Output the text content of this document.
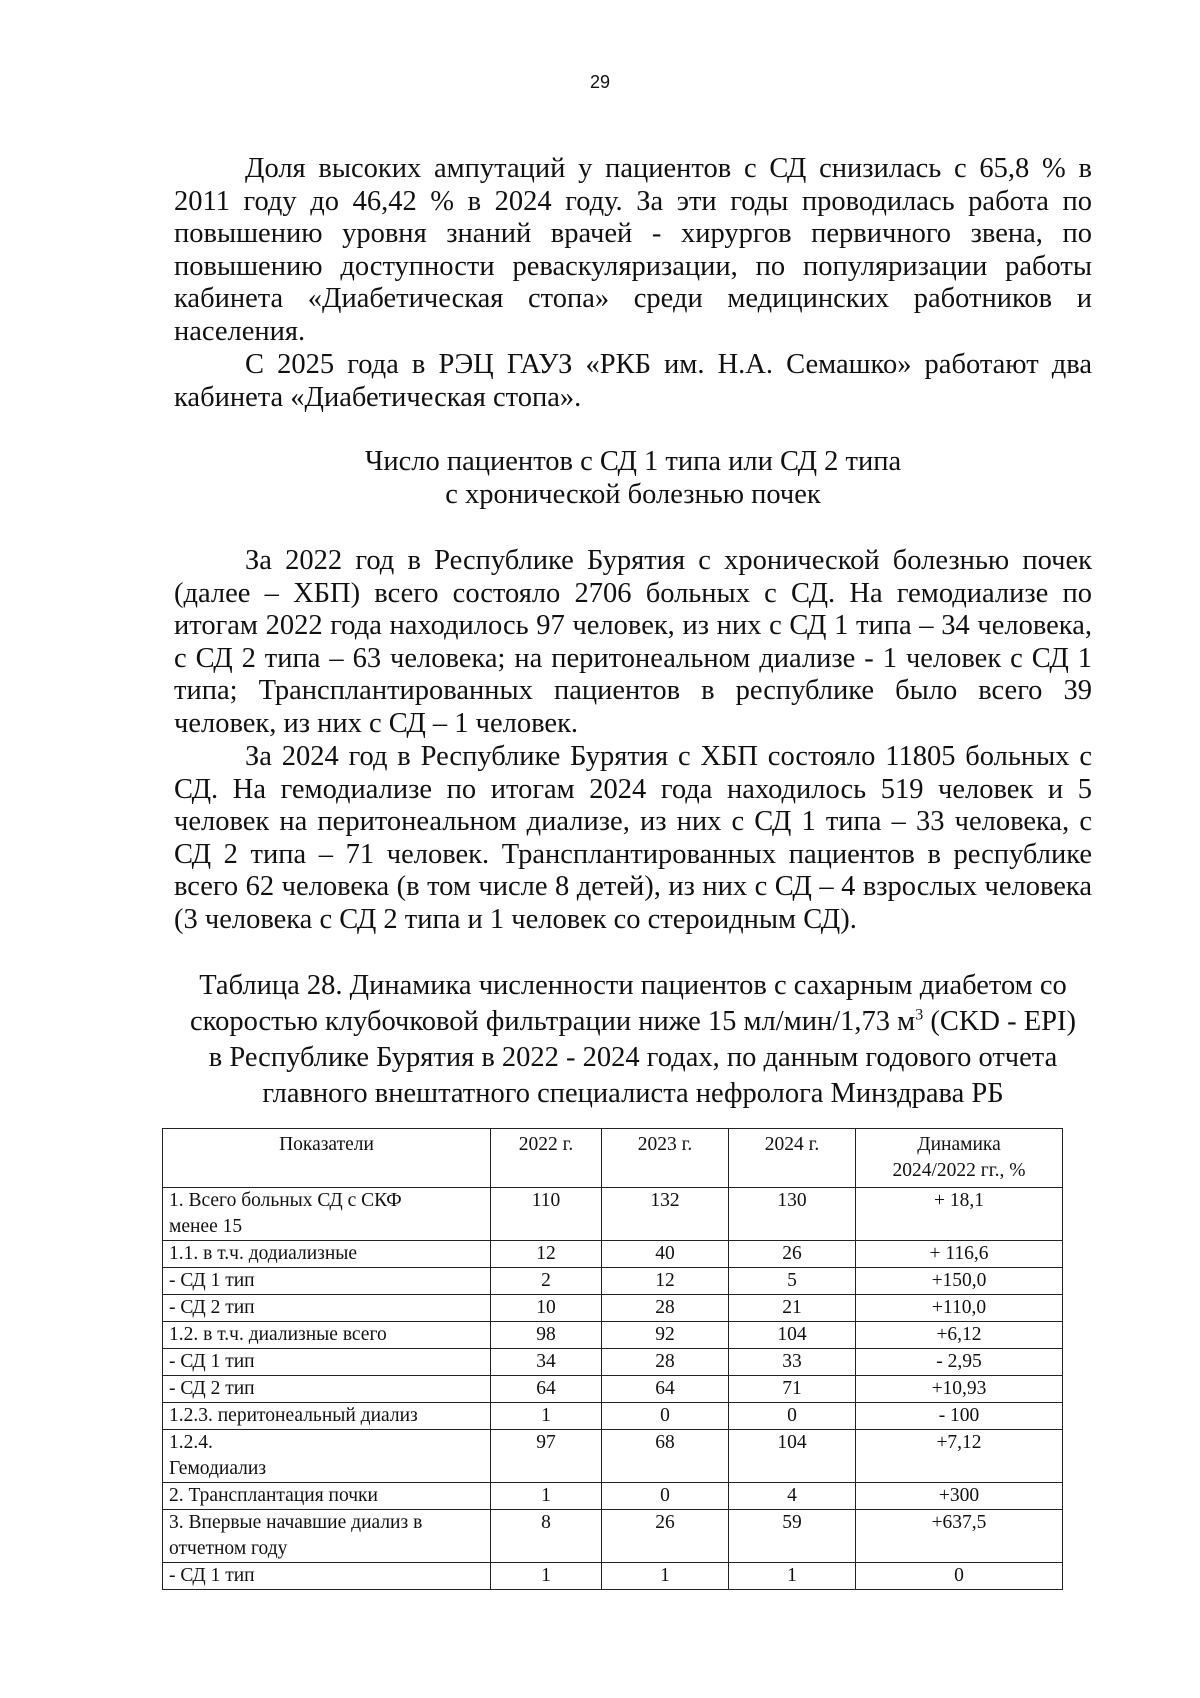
29

Доля высоких ампутаций у пациентов с СД снизилась с 65,8 % в 2011 году до 46,42 % в 2024 году. За эти годы проводилась работа по повышению уровня знаний врачей - хирургов первичного звена, по повышению доступности реваскуляризации, по популяризации работы кабинета «Диабетическая стопа» среди медицинских работников и населения.

С 2025 года в РЭЦ ГАУЗ «РКБ им. Н.А. Семашко» работают два кабинета «Диабетическая стопа».

Число пациентов с СД 1 типа или СД 2 типа

с хронической болезнью почек

За 2022 год в Республике Бурятия с хронической болезнью почек (далее – ХБП) всего состояло 2706 больных с СД. На гемодиализе по итогам 2022 года находилось 97 человек, из них с СД 1 типа – 34 человека, с СД 2 типа – 63 человека; на перитонеальном диализе - 1 человек с СД 1 типа; Трансплантированных пациентов в республике было всего 39 человек, из них с СД – 1 человек.

За 2024 год в Республике Бурятия с ХБП состояло 11805 больных с СД. На гемодиализе по итогам 2024 года находилось 519 человек и 5 человек на перитонеальном диализе, из них с СД 1 типа – 33 человека, с СД 2 типа – 71 человек. Трансплантированных пациентов в республике всего 62 человека (в том числе 8 детей), из них с СД – 4 взрослых человека (3 человека с СД 2 типа и 1 человек со стероидным СД).

Таблица 28. Динамика численности пациентов с сахарным диабетом со

скоростью клубочковой фильтрации ниже 15 мл/мин/1,73 $м^3$ (CKD - EPI)

в Республике Бурятия в 2022 - 2024 годах, по данным годового отчета

главного внештатного специалиста нефролога Минздрава РБ

Показатели	2022 г.	2023 г.	2024 г.	Динамика
2024/2022 гг., %
1. Всего больных СД с СКФ
менее 15	110	132	130	+ 18,1
1.1. в т.ч. додиализные	12	40	26	+ 116,6
- СД 1 тип	2	12	5	+150,0
- СД 2 тип	10	28	21	+110,0
1.2. в т.ч. диализные всего	98	92	104	+6,12
- СД 1 тип	34	28	33	- 2,95
- СД 2 тип	64	64	71	+10,93
1.2.3. перитонеальный диализ	1	0	0	- 100
1.2.4.
Гемодиализ	97	68	104	+7,12
2. Трансплантация почки	1	0	4	+300
3. Впервые начавшие диализ в
отчетном году	8	26	59	+637,5
- СД 1 тип	1	1	1	0
